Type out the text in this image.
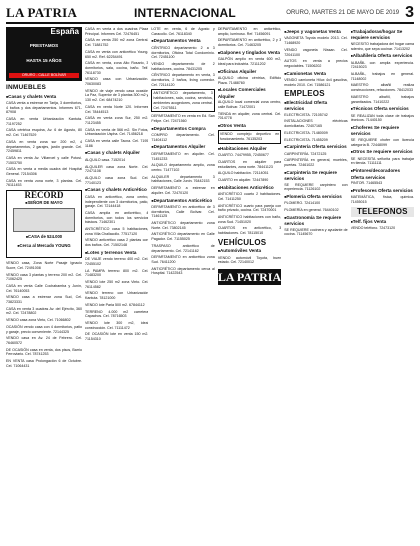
LA PATRIA	INTERNACIONAL	ORURO, MARTES 21 DE MAYO DE 2019 3
España
PRESTAMOS
HASTA 15 AÑOS
ORURO - CALLE BOLÍVAR
INMUEBLES
■ Casas y chalets Venta
CASA venta a estrenar en Tarija, 3 dormitorios, 4 baños y dos departamentos. Informes 671-87908
CASA en venta Urbanización Kantuta. 71197252
CASA céntrica esquina, Av. 6 de Agosto, 80 m2. Cel. 71467529
CASA en venta zona sur 200 m2, 4 departamentos, 2 garajes, jardín grande. Cel. 72459811
CASA en venta Av. Villarroel y calle Potosí. 71503750
CASA en venta a media cuadra del Hospital General. 72154306
CASA en venta zona norte, 3 plantas. Cel. 76111453
RECORD
■ SEÑOR DE MAYO
■ CASA de 524.000
■ Cerca al Mercado YOUNG
VENDO casa, Zona Norte Pasaje Ignacio Sucre, Cel. 72491008
VENDO casa 3 plantas y terreno 200 m2. Cel. 71062425
CASA en venta Calle Cochabamba y Junín, Cel. 76140053
VENDO casa a estrenar zona Sud, Cel. 73823331
CASA en venta 3 cuadras Av. del Ejército, 360 m2. Cel. 72478802
VENDO casa zona Vinto, Cel. 71066802
OCASIÓN vendo casa con 4 dormitorios, patio y garaje, precio conveniente. 72144325
VENDO casa en Av. 24 de Febrero. Cel. 76460572
DE OCASIÓN casa en venta, dos pisos, Barrio Ferroviario. Cel. 78741253
EN VENTA casa Prolongación 6 de Octubre. Cel. 71064431
CASA en venta a dos cuadras Plaza Principal. Informes Cel. 72476451
CASA en venta 250 m2 zona Central. Cel. 71881752
CASA en venta con anticrético Young. 650 m2. Ref. 62254491
CASA en venta, zona Alto Rosario, 3 dormitorios, sala, cocina, baño. Telf. 76118730
VENDO casa con Urbanización. 70630083
VENDO de viaje vendo casa ocasión La Paz, Superior de 3 plantas 300 m2 y 130 m2. Cel. 68474210
CASA en venta Norte 120. Informes Cel. 78444513
CASA en venta zona Sur, 250 m2. 71123455
CASA en venta de 566 m2. Sin Fotos, Urbanización Uspha. Cel. 71456218
CASA en venta calle Tacna. Cel. 7195 1186
■ Casas y chalets Alquiler
ALQUILO casa. 7152014
ALQUILER casa zona Norte. Cel. 72471108
ALQUILO casa zona Sud. Cel. 77140123
■ Casas y chalets Anticrético
CASA en anticrético, zona centro, independiente con 3 dormitorios, patio, garaje. Cel. 72144418
CASA amplia en anticrético, 4 dormitorios, con todos los servicios básicos. 71462301
ANTICRÉTICO casa 5 habitaciones, zona Villa Challacollo. 77517120
VENDO anticrético casa 2 plantas con dos baños. Cel. 71502148
■ Lotes y terrenos Venta
DE VIAJE vendo terreno 400 m2. Cel. 72455102
LA PAMPA terreno 800 m2. Cel. 71483200
VENDO lote 250 m2 zona Vinto. Cel. 76114582
VENDO terreno con Urbanización Kantuta. 78121000
VENDO lote Paria 500 m2. 67844112
TERRENO 4.000 m2 carretera Capachos. Cel. 78716503
VENDO lote 300 m2, ideal construcción. Cel. 71111472
DE OCASIÓN lote en venta 150 m2. 71154310
LOTE en venta, 6 de Agosto y Caracollo. Cel. 76118340
■ Departamentos Venta
CÉNTRICO departamento 2 a 3 dormitorios, Oficina Total Condominio. Cel. 72451100
VENDO departamento de 2 habitaciones, cocina. 78431205
CÉNTRICO departamento en venta, 3 dormitorios, 2 baños, living comedor. Cel. 72114120
ANTICRÉTICO departamento, 3 habitaciones, sala, cocina, servicios, ambientes acogedores, zona central. Cel. 72475511
DEPARTAMENTO en venta en Ed. San Felipe. Cel. 72471560
■ Departamentos Compra
COMPRO departamento. Cel. 71404112
■ Departamentos Alquiler
DEPARTAMENTO en alquiler. Cel. 71451233
ALQUILO departamento amplio, zona centro. 71477102
ALQUILER departamento 3 habitaciones, Calle Junín. 76442153
DEPARTAMENTO a estrenar en alquiler. Cel. 72470120
■ Departamentos Anticrético
DEPARTAMENTO en anticrético de 3 dormitorios, Calle Bolívar. Cel. 71461125
ANTICRÉTICO departamento zona Norte. Cel. 73802145
ANTICRÉTICO departamento en Calle Pagador. Cel. 71155025
TRASPASO anticrético de departamento. Cel. 72141162
DEPARTAMENTO en anticrético zona Sud. 76411200
ANTICRÉTICO departamento cerca al Hospital. 71422543
DEPARTAMENTO en anticrético, amplio, luminoso. Ref. 71456091
DEPARTAMENTO en anticrético, 2 y 3 dormitorios. Cel. 71463205
■ Galpones y tinglados Venta
GALPÓN amplio en venta 600 m2, ideal para industria. 72111202
■ Oficinas Alquiler
ALQUILO oficina céntrica, Edificio Plaza. 71488760
■ Locales Comerciales Alquiler
ALQUILO local comercial zona centro, calle Bolívar. 71472001
TIENDA en alquiler, zona central. Cel. 7014778
■ Otros Venta
VENDO complejo deportivo en funcionamiento. 76135203
■ Habitaciones Alquiler
CUARTO. 74479955, 72450677
CUARTOS en alquiler para estudiantes, zona norte. 78441123
ALQUILO habitación. 72114051
CUARTO en alquiler. 72447890
■ Habitaciones Anticrético
ANTICRÉTICO cuarto 2 habitaciones. Cel. 71411250
ANTICRÉTICO cuarto para pareja con baño privado, cocina. Cel. 72470001
ANTICRÉTICO habitaciones con baño, zona Sud. 71451020
CUARTOS en anticrético, 3 habitaciones. Cel. 78115010
VEHÍCULOS
■ Automóviles Venta
VENDO automóvil Toyota, buen estado. Cel. 72140012
LA PATRIA
■ Jeeps y vagonetas Venta
VAGONETA Toyota modelo 2013. Cel. 71468920
VENDO vagoneta Nissan. Cel. 72041100
AUTOS en venta a precios negociables. 71506202
■ Camionetas Venta
VENDO camioneta Hilux 4x4 gasolina, modelo 2010. Cel. 71586121
EMPLEOS
■ Electricidad Oferta servicios
ELECTRICISTA. 72105742
INSTALACIONES eléctricas domiciliarias. 72407165
ELECTRICISTA. 71480009
ELECTRICISTA. 71455209
■ Carpintería Oferta servicios
CARPINTERÍA. 72472125
CARPINTERÍA en general, muebles, puertas. 72461022
■ Carpintería Se requiere servicios
SE REQUIERE carpintero con experiencia. 71126102
■ Plomería Oferta servicios
PLOMERO. 72414100
PLOMERÍA en general. 76440102
■ Gastronomía Se requiere servicios
SE REQUIERE cocinera y ayudante de cocina. 71145670
■ Trabajadoras/hogar Se requiere servicios
NECESITO trabajadora del hogar cama adentro, que sepa cocinar. 71413202
■ Albañilería Oferta servicios
ALBAÑIL con amplia experiencia. 72415023
ALBAÑIL, trabajos en general. 71148002
MAESTRO albañil realiza construcciones, refacciones. 78412033
MAESTRO albañil, trabajos garantizados. 71410222
■ Técnicos Oferta servicios
SE REALIZAN toda clase de trabajos técnicos. 71440150
■ Choferes Se requiere servicios
SE REQUIERE chofer con licencia categoría B. 72448099
■ Otros Se requiere servicios
SE NECESITA señorita para trabajar en tienda. 71111111
■ Pintores/decoradores Oferta servicios
PINTOR. 71465543
■ Profesores Oferta servicios
MATEMÁTICA, física, química. 71455015
TELEFONOS
■ Telf. fijos Venta
VENDO teléfono. 72473120
